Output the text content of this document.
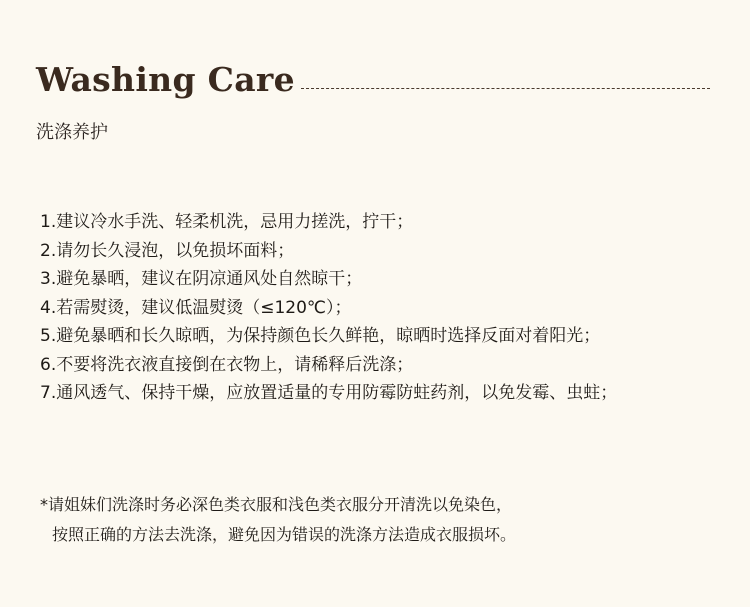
Washing Care
洗涤养护
1.建议冷水手洗、轻柔机洗，忌用力搓洗，拧干；
2.请勿长久浸泡，以免损坏面料；
3.避免暴晒，建议在阴凉通风处自然晾干；
4.若需熨烫，建议低温熨烫（≤120℃）；
5.避免暴晒和长久晾晒，为保持颜色长久鲜艳，晾晒时选择反面对着阳光；
6.不要将洗衣液直接倒在衣物上，请稀释后洗涤；
7.通风透气、保持干燥，应放置适量的专用防霉防蛀药剂，以免发霉、虫蛀；
*请姐妹们洗涤时务必深色类衣服和浅色类衣服分开清洗以免染色，
按照正确的方法去洗涤，避免因为错误的洗涤方法造成衣服损坏。
